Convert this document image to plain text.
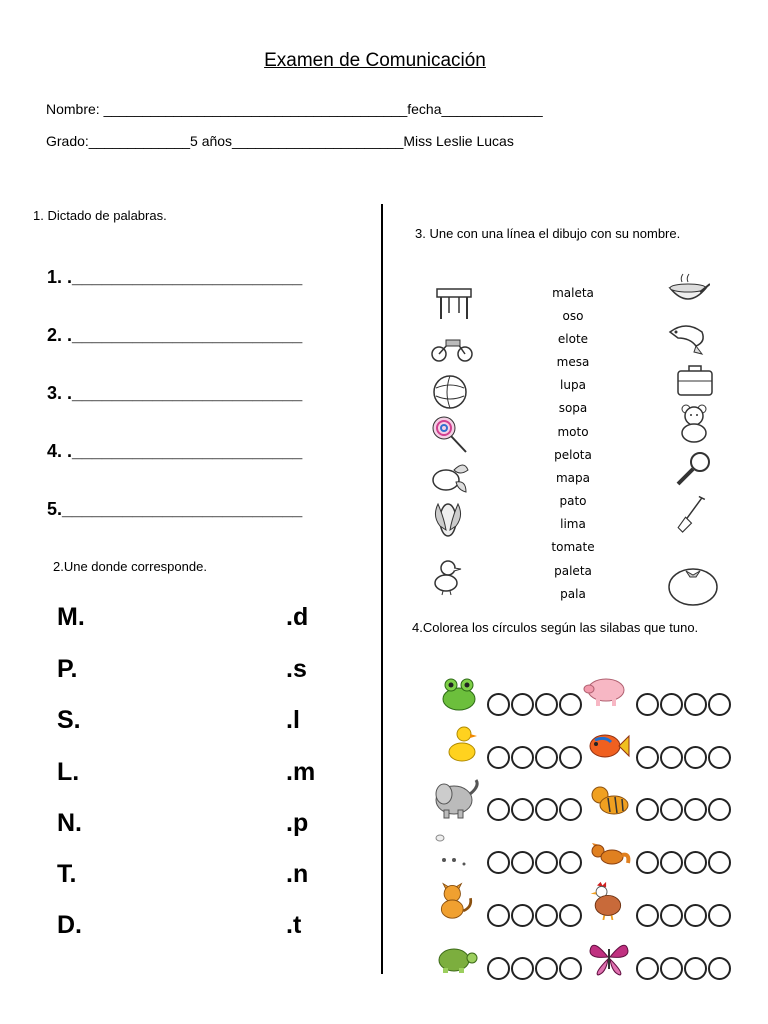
Examen de Comunicación
Nombre: _______________________________________fecha_____________
Grado:_____________5 años______________________Miss Leslie Lucas
1. Dictado de palabras.
1. ._______________________
2. ._______________________
3. ._______________________
4. ._______________________
5.________________________
2.Une donde corresponde.
M.
P.
S.
L.
N.
T.
D.
.d
.s
.l
.m
.p
.n
.t
3. Une con una línea el dibujo con su nombre.
maleta
oso
elote
mesa
lupa
sopa
moto
pelota
mapa
pato
lima
tomate
paleta
pala
4.Colorea los círculos según las silabas que tuno.
